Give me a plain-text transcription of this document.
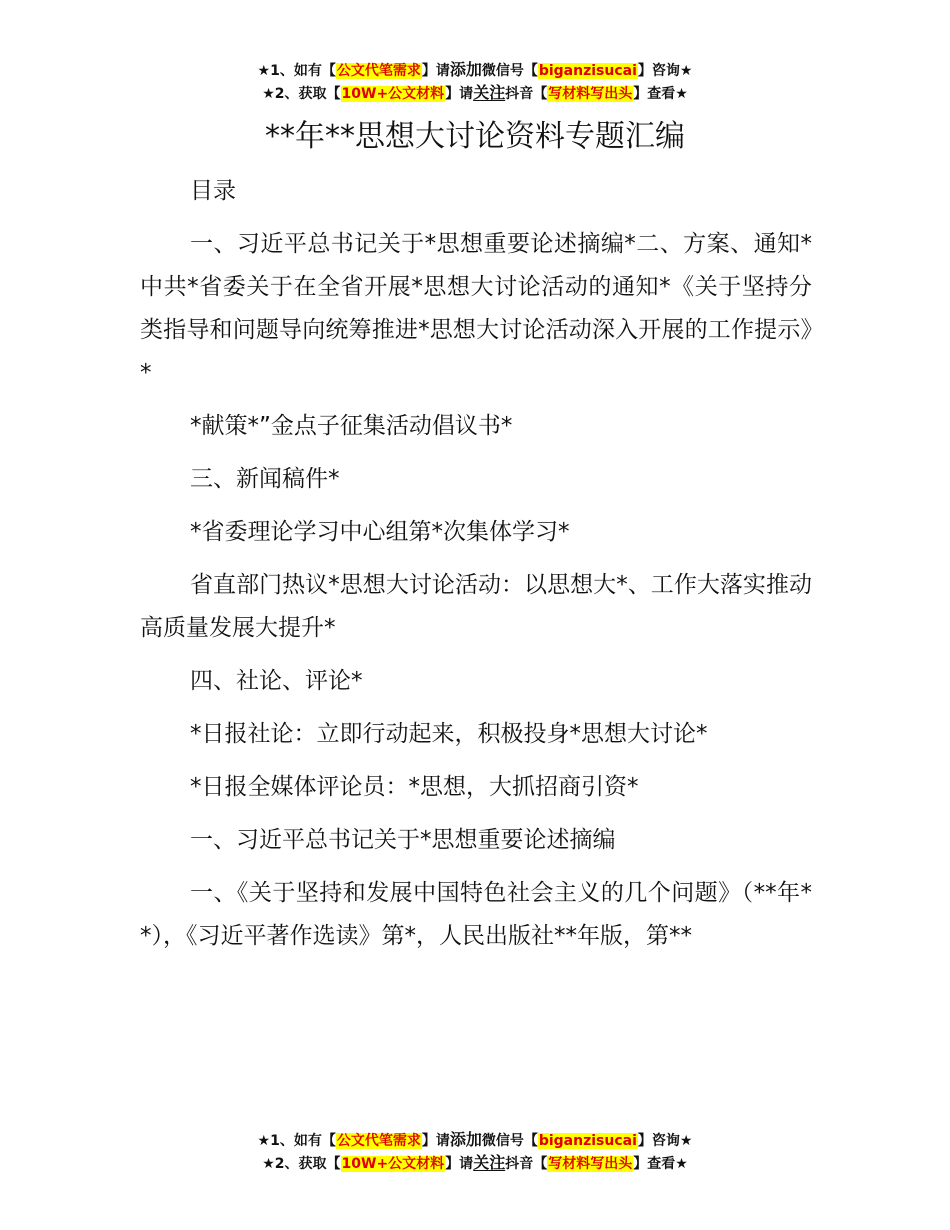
★1、如有【公文代笔需求】请添加微信号【biganzisucai】咨询★
★2、获取【10W+公文材料】请关注抖音【写材料写出头】查看★
**年**思想大讨论资料专题汇编

目录

一、习近平总书记关于*思想重要论述摘编*二、方案、通知*中共*省委关于在全省开展*思想大讨论活动的通知*《关于坚持分类指导和问题导向统筹推进*思想大讨论活动深入开展的工作提示》*

*献策*”金点子征集活动倡议书*

三、新闻稿件*

*省委理论学习中心组第*次集体学习*

省直部门热议*思想大讨论活动：以思想大*、工作大落实推动高质量发展大提升*

四、社论、评论*

*日报社论：立即行动起来，积极投身*思想大讨论*

*日报全媒体评论员：*思想，大抓招商引资*

一、习近平总书记关于*思想重要论述摘编

一、《关于坚持和发展中国特色社会主义的几个问题》（**年**），《习近平著作选读》第*，人民出版社**年版，第**

★1、如有【公文代笔需求】请添加微信号【biganzisucai】咨询★
★2、获取【10W+公文材料】请关注抖音【写材料写出头】查看★
